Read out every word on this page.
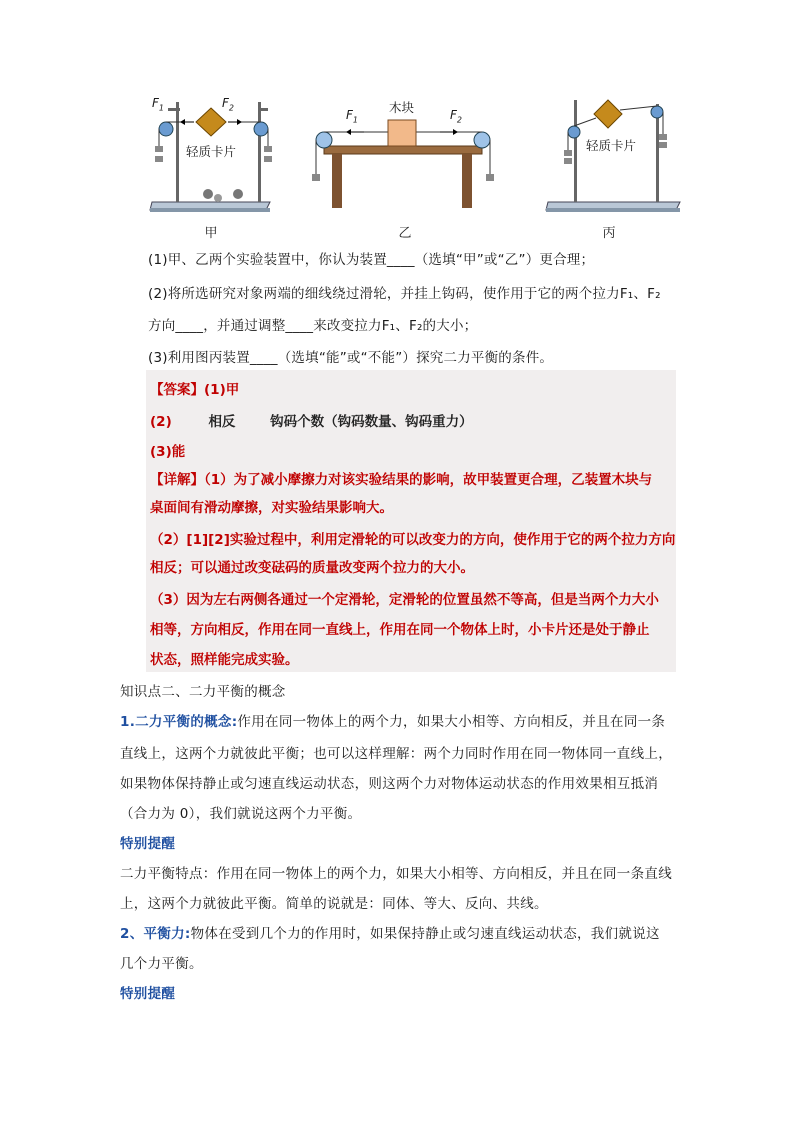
$F_1$	$F_2$
轻质卡片
甲
木块
$F_1$	$F_2$
乙
轻质卡片
丙
(1)甲、乙两个实验装置中，你认为装置____（选填“甲”或“乙”）更合理；
(2)将所选研究对象两端的细线绕过滑轮，并挂上钩码，使作用于它的两个拉力F₁、F₂
方向____，并通过调整____来改变拉力F₁、F₂的大小；
(3)利用图丙装置____（选填“能”或“不能”）探究二力平衡的条件。
【答案】(1)甲
(2)	相反	钩码个数（钩码数量、钩码重力）
(3)能
【详解】（1）为了减小摩擦力对该实验结果的影响，故甲装置更合理，乙装置木块与
桌面间有滑动摩擦，对实验结果影响大。
（2）[1][2]实验过程中，利用定滑轮的可以改变力的方向，使作用于它的两个拉力方向
相反；可以通过改变砝码的质量改变两个拉力的大小。
（3）因为左右两侧各通过一个定滑轮，定滑轮的位置虽然不等高，但是当两个力大小
相等，方向相反，作用在同一直线上，作用在同一个物体上时，小卡片还是处于静止
状态，照样能完成实验。
知识点二、二力平衡的概念
1.二力平衡的概念:作用在同一物体上的两个力，如果大小相等、方向相反，并且在同一条
直线上，这两个力就彼此平衡；也可以这样理解：两个力同时作用在同一物体同一直线上，
如果物体保持静止或匀速直线运动状态，则这两个力对物体运动状态的作用效果相互抵消
（合力为 0），我们就说这两个力平衡。
特别提醒
二力平衡特点：作用在同一物体上的两个力，如果大小相等、方向相反，并且在同一条直线
上，这两个力就彼此平衡。简单的说就是：同体、等大、反向、共线。
2、平衡力:物体在受到几个力的作用时，如果保持静止或匀速直线运动状态，我们就说这
几个力平衡。
特别提醒
